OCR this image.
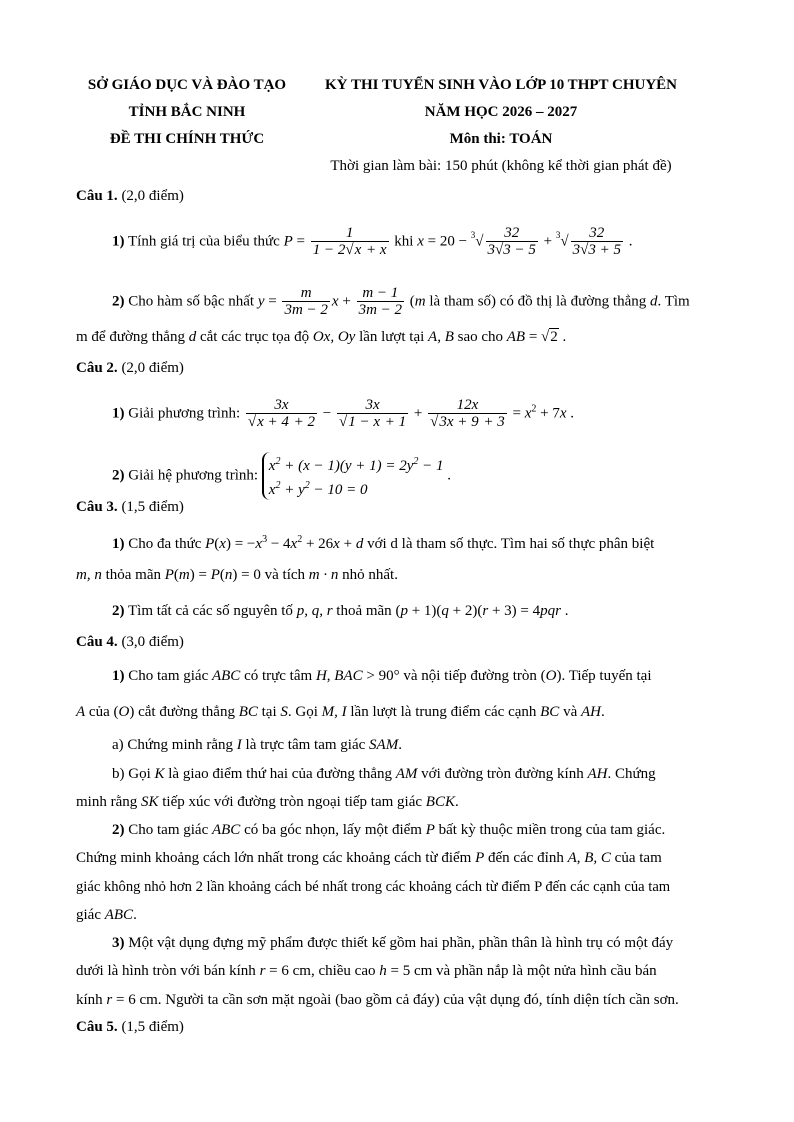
SỞ GIÁO DỤC VÀ ĐÀO TẠO
TỈNH BẮC NINH
ĐỀ THI CHÍNH THỨC
KỲ THI TUYỂN SINH VÀO LỚP 10 THPT CHUYÊN
NĂM HỌC 2026 – 2027
Môn thi: TOÁN
Thời gian làm bài: 150 phút (không kể thời gian phát đề)
Câu 1. (2,0 điểm)
1) Tính giá trị của biểu thức $P = \frac{1}{1 - 2√x + x}$ khi $x = 20 - ^3√ \frac{32}{3√3 - 5} + ^3√ \frac{32}{3√3 + 5}$ .
2) Cho hàm số bậc nhất $y = \frac{m}{3m - 2}$ $x + \frac{m - 1}{3m - 2} (m$ là tham số) có đồ thị là đường thẳng d. Tìm
m để đường thẳng d cắt các trục tọa độ Ox, Oy lần lượt tại A, B sao cho AB = √2 .
Câu 2. (2,0 điểm)
1) Giải phương trình: $\frac{3x}{√x + 4 + 2} - \frac{3x}{√1 - x + 1} + \frac{12x}{√3x + 9 + 3} = x^2 + 7x$ .
2) Giải hệ phương trình: $x^2 + (x - 1)(y + 1) = 2y^2 - 1$
$x^2 + y^2 - 10 = 0$ .
Câu 3. (1,5 điểm)
1) Cho đa thức $P(x) = -x^3 - 4x^2 + 26x + d$ với d là tham số thực. Tìm hai số thực phân biệt
m, n thỏa mãn P(m) = P(n) = 0 và tích m · n nhỏ nhất.
2) Tìm tất cả các số nguyên tố p, q, r thoả mãn (p + 1)(q + 2)(r + 3) = 4pqr .
Câu 4. (3,0 điểm)
1) Cho tam giác ABC có trực tâm H, BAC > 90° và nội tiếp đường tròn (O). Tiếp tuyến tại
A của (O) cắt đường thẳng BC tại S. Gọi M, I lần lượt là trung điểm các cạnh BC và AH.
a) Chứng minh rằng I là trực tâm tam giác SAM.
b) Gọi K là giao điểm thứ hai của đường thẳng AM với đường tròn đường kính AH. Chứng
minh rằng SK tiếp xúc với đường tròn ngoại tiếp tam giác BCK.
2) Cho tam giác ABC có ba góc nhọn, lấy một điểm P bất kỳ thuộc miền trong của tam giác.
Chứng minh khoảng cách lớn nhất trong các khoảng cách từ điểm P đến các đỉnh A, B, C của tam
giác không nhỏ hơn 2 lần khoảng cách bé nhất trong các khoảng cách từ điểm P đến các cạnh của tam
giác ABC.
3) Một vật dụng đựng mỹ phẩm được thiết kế gồm hai phần, phần thân là hình trụ có một đáy
dưới là hình tròn với bán kính r = 6 cm, chiều cao h = 5 cm và phần nắp là một nửa hình cầu bán
kính r = 6 cm. Người ta cần sơn mặt ngoài (bao gồm cả đáy) của vật dụng đó, tính diện tích cần sơn.
Câu 5. (1,5 điểm)
